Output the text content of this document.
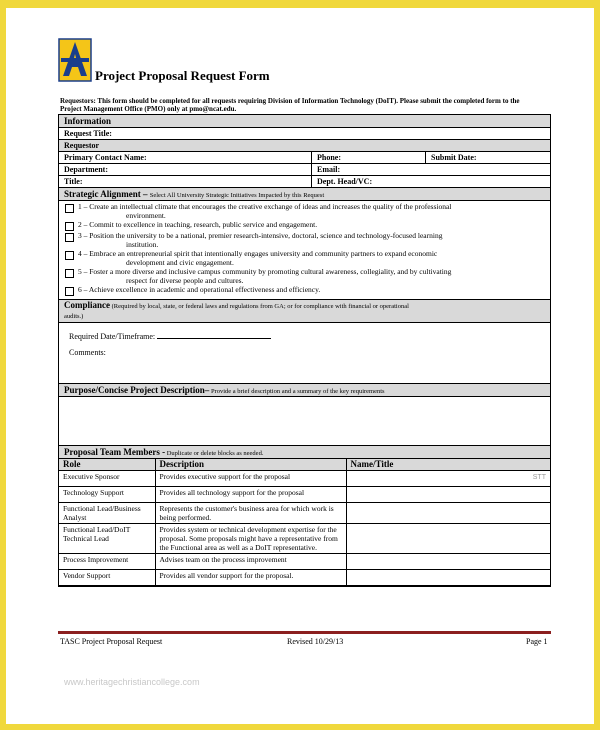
Project Proposal Request Form
Requestors: This form should be completed for all requests requiring Division of Information Technology (DoIT). Please submit the completed form to the Project Management Office (PMO) only at pmo@ncat.edu.
Information
Request Title:
Requestor
Primary Contact Name:	Phone:	Submit Date:
Department:	Email:
Title:	Dept. Head/VC:
Strategic Alignment – Select All University Strategic Initiatives Impacted by this Request
1 – Create an intellectual climate that encourages the creative exchange of ideas and increases the quality of the professional
environment.
2 – Commit to excellence in teaching, research, public service and engagement.
3 – Position the university to be a national, premier research-intensive, doctoral, science and technology-focused learning
institution.
4 – Embrace an entrepreneurial spirit that intentionally engages university and community partners to expand economic
development and civic engagement.
5 – Foster a more diverse and inclusive campus community by promoting cultural awareness, collegiality, and by cultivating
respect for diverse people and cultures.
6 – Achieve excellence in academic and operational effectiveness and efficiency.
Compliance (Required by local, state, or federal laws and regulations from GA; or for compliance with financial or operational
audits.)
Required Date/Timeframe:
Comments:
Purpose/Concise Project Description– Provide a brief description and a summary of the key requirements
Proposal Team Members - Duplicate or delete blocks as needed.
Role	Description	Name/Title
Executive Sponsor	Provides executive support for the proposal	STT

Technology Support	Provides all technology support for the proposal	
Functional Lead/Business Analyst	Represents the customer's business area for which work is being performed.	
Functional Lead/DoIT Technical Lead	Provides system or technical development expertise for the proposal. Some proposals might have a representative from the Functional area as well as a DoIT representative.	
Process Improvement	Advises team on the process improvement	
Vendor Support	Provides all vendor support for the proposal.	
TASC Project Proposal Request	Revised 10/29/13	Page 1
www.heritagechristiancollege.com
